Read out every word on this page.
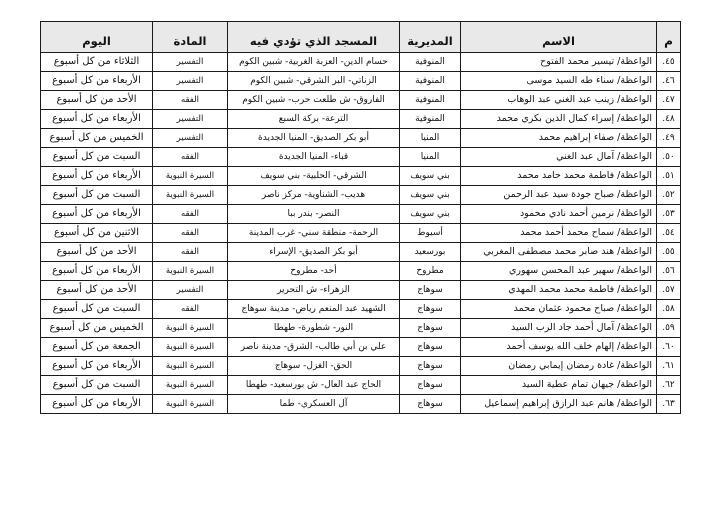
م	الاسم	المديرية	المسجد الذي تؤدي فيه	المادة	اليوم
٤٥.	الواعظة/ تيسير محمد الفتوح	المنوفية	حسام الدين- العزبة الغربية- شبين الكوم	التفسير	الثلاثاء من كل أسبوع
٤٦.	الواعظة/ سناء طه السيد موسى	المنوفية	الزناتي- البر الشرقي- شبين الكوم	التفسير	الأربعاء من كل أسبوع
٤٧.	الواعظة/ زينب عبد الغني عبد الوهاب	المنوفية	الفاروق- ش طلعت حرب- شبين الكوم	الفقه	الأحد من كل أسبوع
٤٨.	الواعظة/ إسراء كمال الدين بكري محمد	المنوفية	الترعة- بركة السبع	التفسير	الأربعاء من كل أسبوع
٤٩.	الواعظة/ صفاء إبراهيم محمد	المنيا	أبو بكر الصديق- المنيا الجديدة	التفسير	الخميس من كل أسبوع
٥٠.	الواعظة/ آمال عبد الغني	المنيا	قباء- المنيا الجديدة	الفقه	السبت من كل أسبوع
٥١.	الواعظة/ فاطمة محمد حامد محمد	بني سويف	الشرقي- الحلبية- بني سويف	السيرة النبوية	الأربعاء من كل أسبوع
٥٢.	الواعظة/ صباح جودة سيد عبد الرحمن	بني سويف	هديب- الشناوية- مركز ناصر	السيرة النبوية	السبت من كل أسبوع
٥٣.	الواعظة/ نرمين أحمد نادي محمود	بني سويف	النصر- بندر ببا	الفقه	الأربعاء من كل أسبوع
٥٤.	الواعظة/ سماح محمد أحمد محمد	أسيوط	الرحمة- منطقة سني- غرب المدينة	الفقه	الاثنين من كل أسبوع
٥٥.	الواعظة/ هند صابر محمد مصطفى المغربي	بورسعيد	أبو بكر الصديق- الإسراء	الفقه	الأحد من كل أسبوع
٥٦.	الواعظة/ سهير عبد المحسن سهوري	مطروح	أحد- مطروح	السيرة النبوية	الأربعاء من كل أسبوع
٥٧.	الواعظة/ فاطمة محمد محمد المهدي	سوهاج	الزهراء- ش التحرير	التفسير	الأحد من كل أسبوع
٥٨.	الواعظة/ صباح محمود عثمان محمد	سوهاج	الشهيد عبد المنعم رياض- مدينة سوهاج	الفقه	السبت من كل أسبوع
٥٩.	الواعظة/ آمال أحمد جاد الرب السيد	سوهاج	النور- شطورة- طهطا	السيرة النبوية	الخميس من كل أسبوع
٦٠.	الواعظة/ إلهام خلف الله يوسف أحمد	سوهاج	علي بن أبي طالب- الشرق- مدينة ناصر	السيرة النبوية	الجمعة من كل أسبوع
٦١.	الواعظة/ غادة رمضان إيمابي رمضان	سوهاج	الحق- الغزل- سوهاج	السيرة النبوية	الأربعاء من كل أسبوع
٦٢.	الواعظة/ جيهان تمام عطية السيد	سوهاج	الحاج عبد العال- ش بورسعيد- طهطا	السيرة النبوية	السبت من كل أسبوع
٦٣.	الواعظة/ هانم عبد الرازق إبراهيم إسماعيل	سوهاج	آل العسكري- طما	السيرة النبوية	الأربعاء من كل أسبوع
